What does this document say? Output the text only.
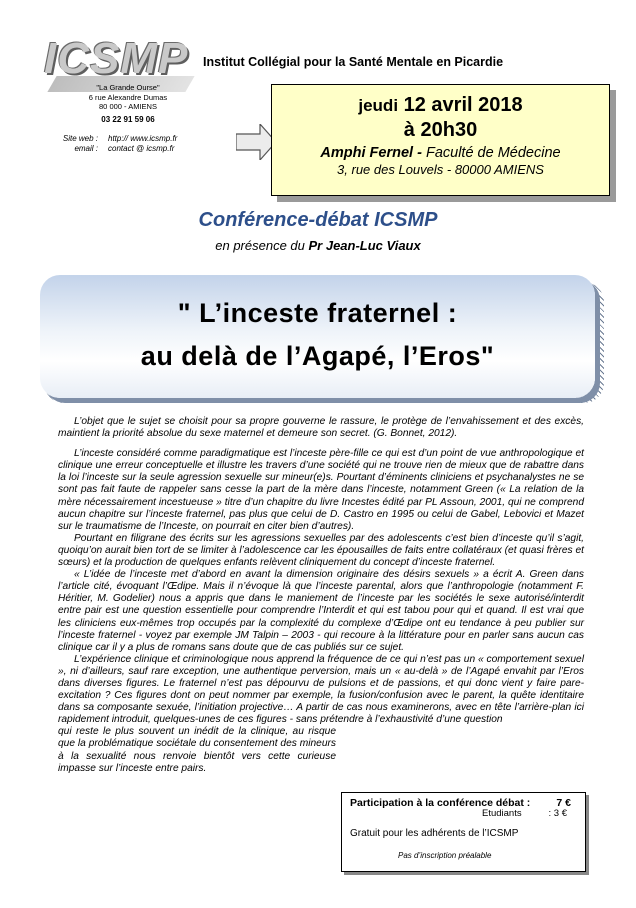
ICSMP Institut Collégial pour la Santé Mentale en Picardie
"La Grande Ourse"
6 rue Alexandre Dumas
80 000 - AMIENS
03 22 91 59 06
Site web : http:// www.icsmp.fr
email : contact @ icsmp.fr
jeudi 12 avril 2018
à 20h30
Amphi Fernel - Faculté de Médecine
3, rue des Louvels - 80000 AMIENS
Conférence-débat ICSMP
en présence du Pr Jean-Luc Viaux
" L’inceste fraternel :
au delà de l’Agapé, l’Eros"

L’objet que le sujet se choisit pour sa propre gouverne le rassure, le protège de l’envahissement et des excès, maintient la priorité absolue du sexe maternel et demeure son secret. (G. Bonnet, 2012).

L’inceste considéré comme paradigmatique est l’inceste père-fille ce qui est d’un point de vue anthropologique et clinique une erreur conceptuelle et illustre les travers d’une société qui ne trouve rien de mieux que de rabattre dans la loi l’inceste sur la seule agression sexuelle sur mineur(e)s. Pourtant d’éminents cliniciens et psychanalystes ne se sont pas fait faute de rappeler sans cesse la part de la mère dans l’inceste, notamment Green (« La relation de la mère nécessairement incestueuse » titre d’un chapitre du livre Incestes édité par PL Assoun, 2001, qui ne comprend aucun chapitre sur l’inceste fraternel, pas plus que celui de D. Castro en 1995 ou celui de Gabel, Lebovici et Mazet sur le traumatisme de l’Inceste, on pourrait en citer bien d’autres).

Pourtant en filigrane des écrits sur les agressions sexuelles par des adolescents c’est bien d’inceste qu’il s’agit, quoiqu’on aurait bien tort de se limiter à l’adolescence car les épousailles de faits entre collatéraux (et quasi frères et sœurs) et la production de quelques enfants relèvent cliniquement du concept d’inceste fraternel.

« L’idée de l’inceste met d’abord en avant la dimension originaire des désirs sexuels » a écrit A. Green dans l’article cité, évoquant l’Œdipe. Mais il n’évoque là que l’inceste parental, alors que l’anthropologie (notamment F. Héritier, M. Godelier) nous a appris que dans le maniement de l’inceste par les sociétés le sexe autorisé/interdit entre pair est une question essentielle pour comprendre l’Interdit et qui est tabou pour qui et quand. Il est vrai que les cliniciens eux-mêmes trop occupés par la complexité du complexe d’Œdipe ont eu tendance à peu publier sur l’inceste fraternel - voyez par exemple JM Talpin – 2003 - qui recoure à la littérature pour en parler sans aucun cas clinique car il y a plus de romans sans doute que de cas publiés sur ce sujet.

L’expérience clinique et criminologique nous apprend la fréquence de ce qui n’est pas un « comportement sexuel », ni d’ailleurs, sauf rare exception, une authentique perversion, mais un « au-delà » de l’Agapé envahit par l’Eros dans diverses figures. Le fraternel n’est pas dépourvu de pulsions et de passions, et qui donc vient y faire pare-excitation ? Ces figures dont on peut nommer par exemple, la fusion/confusion avec le parent, la quête identitaire dans sa composante sexuée, l’initiation projective… A partir de cas nous examinerons, avec en tête l’arrière-plan ici rapidement introduit, quelques-unes de ces figures - sans prétendre à l’exhaustivité d’une question

qui reste le plus souvent un inédit de la clinique, au risque que la problématique sociétale du consentement des mineurs à la sexualité nous renvoie bientôt vers cette curieuse impasse sur l’inceste entre pairs.

Participation à la conférence débat : 7 €
Etudiants	: 3 €
Gratuit pour les adhérents de l’ICSMP
Pas d’inscription préalable
